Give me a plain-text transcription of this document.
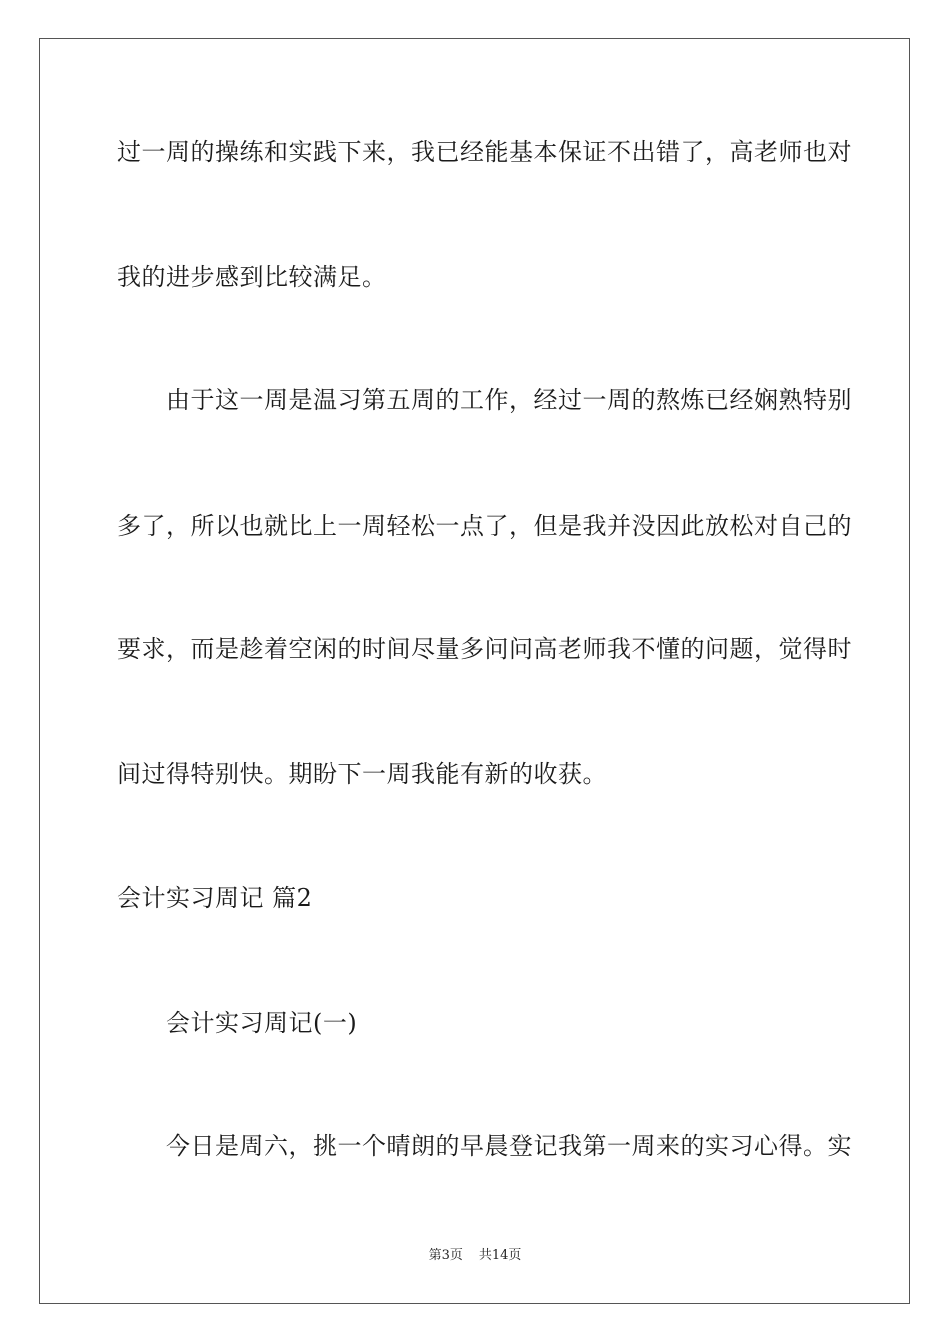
过一周的操练和实践下来，我已经能基本保证不出错了，高老师也对
我的进步感到比较满足。
由于这一周是温习第五周的工作，经过一周的熬炼已经娴熟特别
多了，所以也就比上一周轻松一点了，但是我并没因此放松对自己的
要求，而是趁着空闲的时间尽量多问问高老师我不懂的问题，觉得时
间过得特别快。期盼下一周我能有新的收获。
会计实习周记 篇2
会计实习周记(一)
今日是周六，挑一个晴朗的早晨登记我第一周来的实习心得。实
第3页 共14页
